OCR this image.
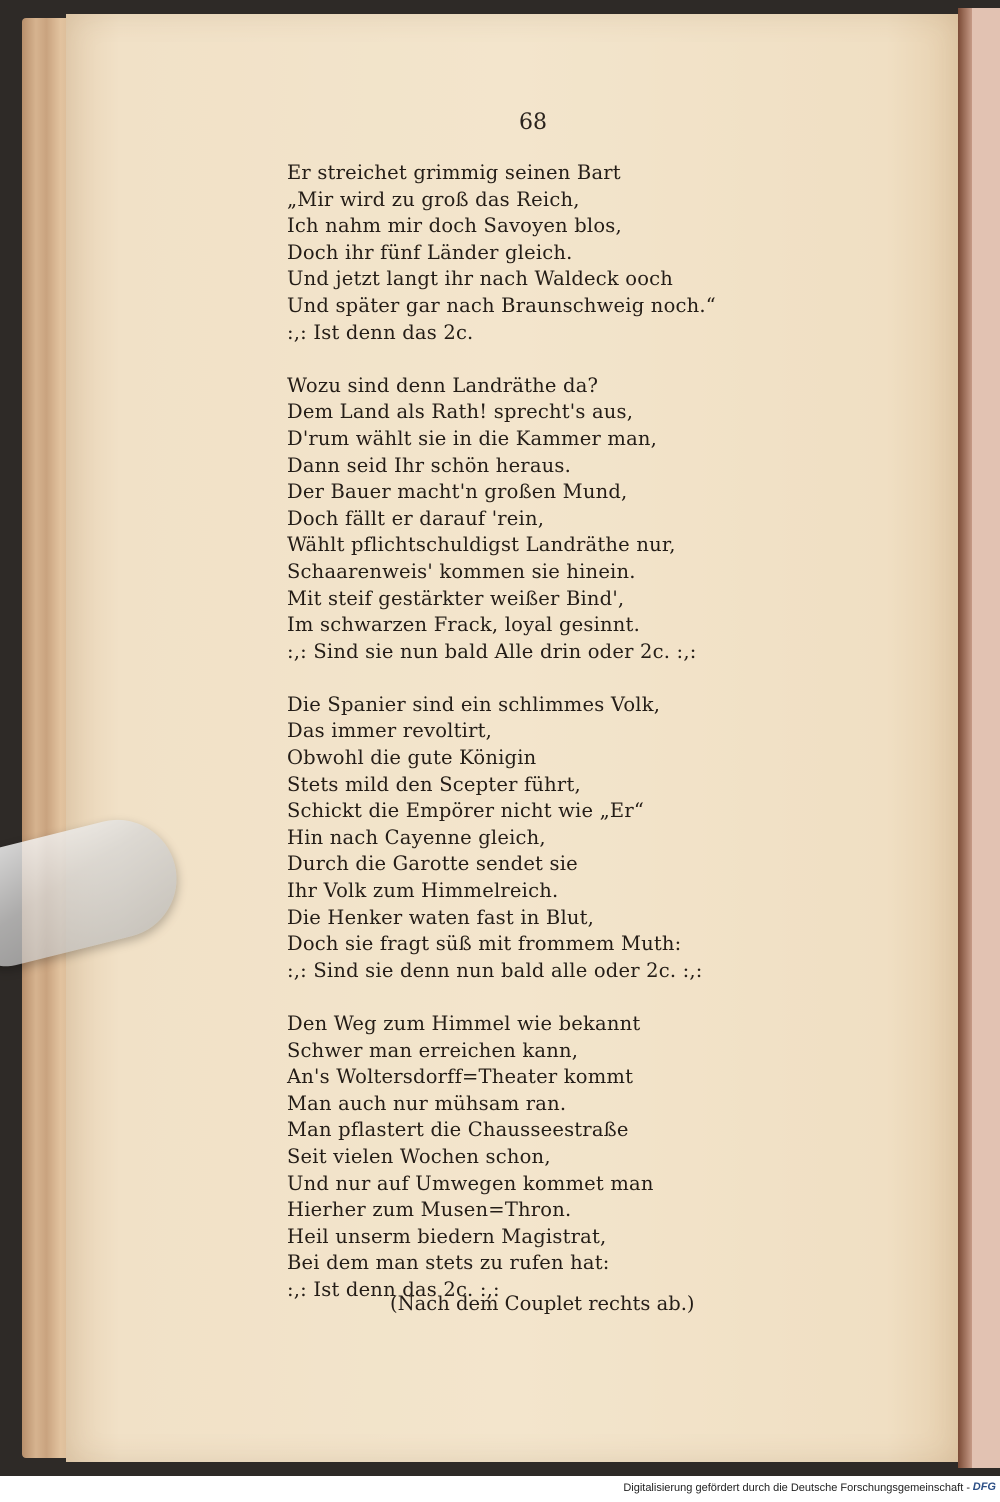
68
Er streichet grimmig seinen Bart
„Mir wird zu groß das Reich,
Ich nahm mir doch Savoyen blos,
Doch ihr fünf Länder gleich.
Und jetzt langt ihr nach Waldeck ooch
Und später gar nach Braunschweig noch.“
:,: Ist denn das 2c.
Wozu sind denn Landräthe da?
Dem Land als Rath! sprecht's aus,
D'rum wählt sie in die Kammer man,
Dann seid Ihr schön heraus.
Der Bauer macht'n großen Mund,
Doch fällt er darauf 'rein,
Wählt pflichtschuldigst Landräthe nur,
Schaarenweis' kommen sie hinein.
Mit steif gestärkter weißer Bind',
Im schwarzen Frack, loyal gesinnt.
:,: Sind sie nun bald Alle drin oder 2c. :,:
Die Spanier sind ein schlimmes Volk,
Das immer revoltirt,
Obwohl die gute Königin
Stets mild den Scepter führt,
Schickt die Empörer nicht wie „Er“
Hin nach Cayenne gleich,
Durch die Garotte sendet sie
Ihr Volk zum Himmelreich.
Die Henker waten fast in Blut,
Doch sie fragt süß mit frommem Muth:
:,: Sind sie denn nun bald alle oder 2c. :,:
Den Weg zum Himmel wie bekannt
Schwer man erreichen kann,
An's Woltersdorff=Theater kommt
Man auch nur mühsam ran.
Man pflastert die Chausseestraße
Seit vielen Wochen schon,
Und nur auf Umwegen kommet man
Hierher zum Musen=Thron.
Heil unserm biedern Magistrat,
Bei dem man stets zu rufen hat:
:,: Ist denn das 2c. :,:
(Nach dem Couplet rechts ab.)
Digitalisierung gefördert durch die Deutsche Forschungsgemeinschaft - DFG
